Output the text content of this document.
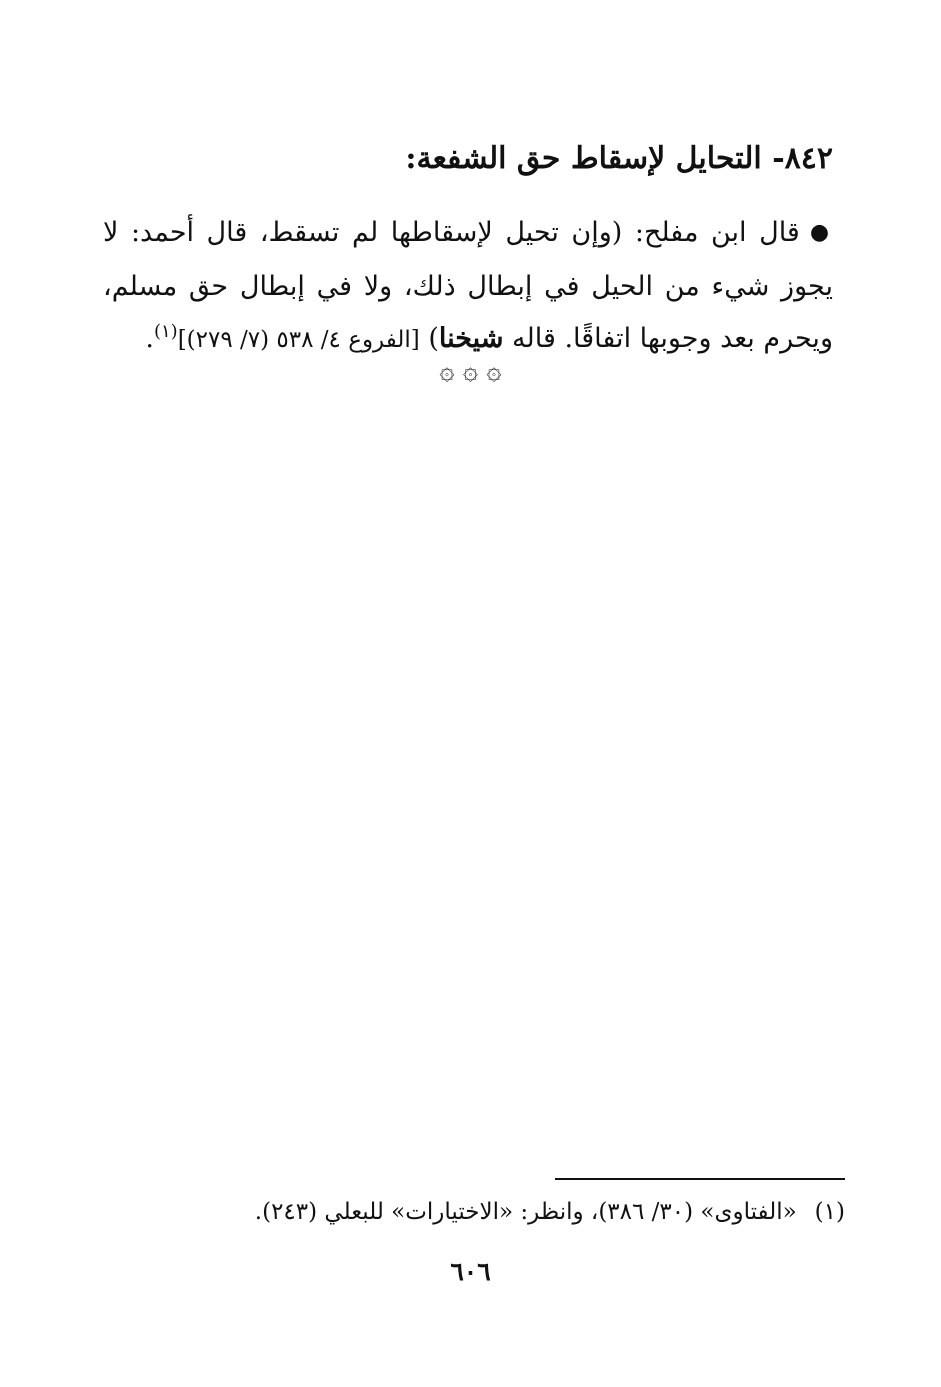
٨٤٢- التحايل لإسقاط حق الشفعة:

●قال ابن مفلح: (وإن تحيل لإسقاطها لم تسقط، قال أحمد: لا يجوز شيء من الحيل في إبطال ذلك، ولا في إبطال حق مسلم، ويحرم بعد وجوبها اتفاقًا. قاله شيخنا) [الفروع ٤/ ٥٣٨ (٧/ ٢٧٩)]$^{(١)}$.

۞ ۞ ۞
(١)«الفتاوى» (٣٠/ ٣٨٦)، وانظر: «الاختيارات» للبعلي (٢٤٣).
٦٠٦
